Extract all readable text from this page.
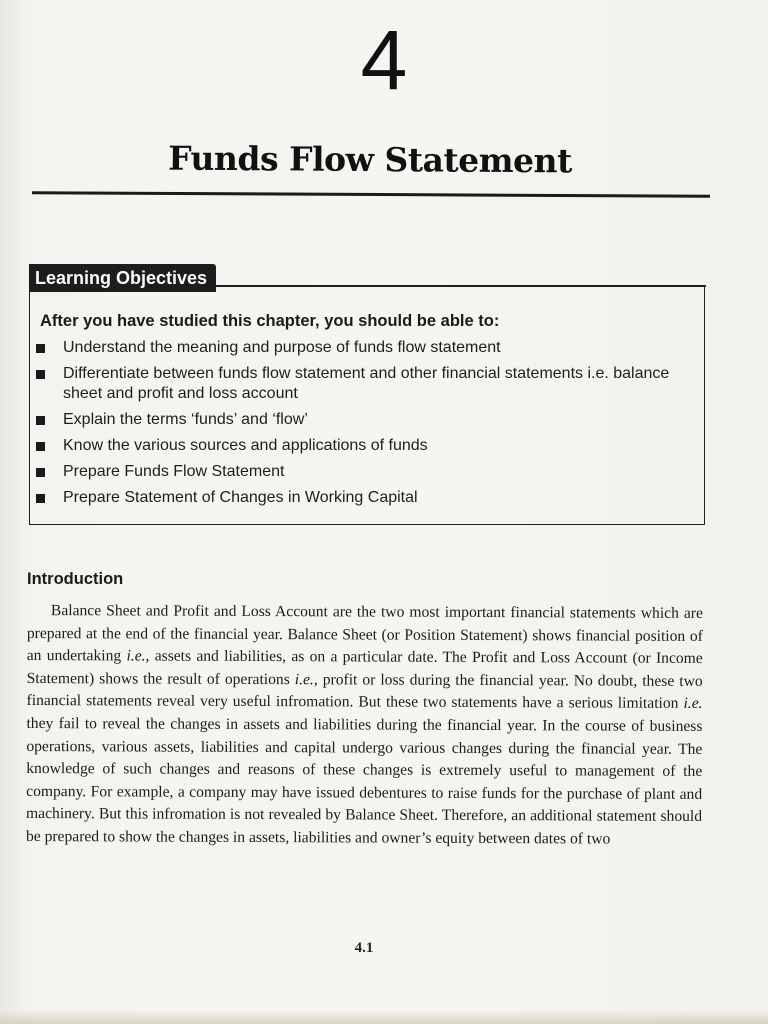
4
Funds Flow Statement
Learning Objectives
After you have studied this chapter, you should be able to:
Understand the meaning and purpose of funds flow statement
Differentiate between funds flow statement and other financial statements i.e. balance sheet and profit and loss account
Explain the terms ‘funds’ and ‘flow’
Know the various sources and applications of funds
Prepare Funds Flow Statement
Prepare Statement of Changes in Working Capital
Introduction

Balance Sheet and Profit and Loss Account are the two most important financial statements which are prepared at the end of the financial year. Balance Sheet (or Position Statement) shows financial position of an undertaking i.e., assets and liabilities, as on a particular date. The Profit and Loss Account (or Income Statement) shows the result of operations i.e., profit or loss during the financial year. No doubt, these two financial statements reveal very useful infromation. But these two statements have a serious limitation i.e. they fail to reveal the changes in assets and liabilities during the financial year. In the course of business operations, various assets, liabilities and capital undergo various changes during the financial year. The knowledge of such changes and reasons of these changes is extremely useful to management of the company. For example, a company may have issued debentures to raise funds for the purchase of plant and machinery. But this infromation is not revealed by Balance Sheet. Therefore, an additional statement should be prepared to show the changes in assets, liabilities and owner’s equity between dates of two

4.1
